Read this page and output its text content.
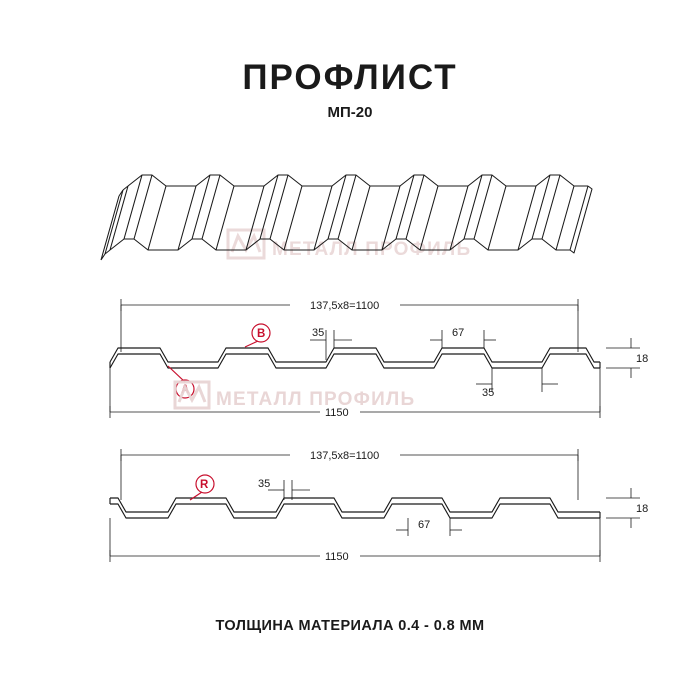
ПРОФЛИСТ
МП-20
МЕТАЛЛ ПРОФИЛЬ
137,5х8=1100
18
35	67
35
1150
A
B
МЕТАЛЛ ПРОФИЛЬ
137,5х8=1100
18
35
67
1150
R
ТОЛЩИНА МАТЕРИАЛА 0.4 - 0.8 ММ
